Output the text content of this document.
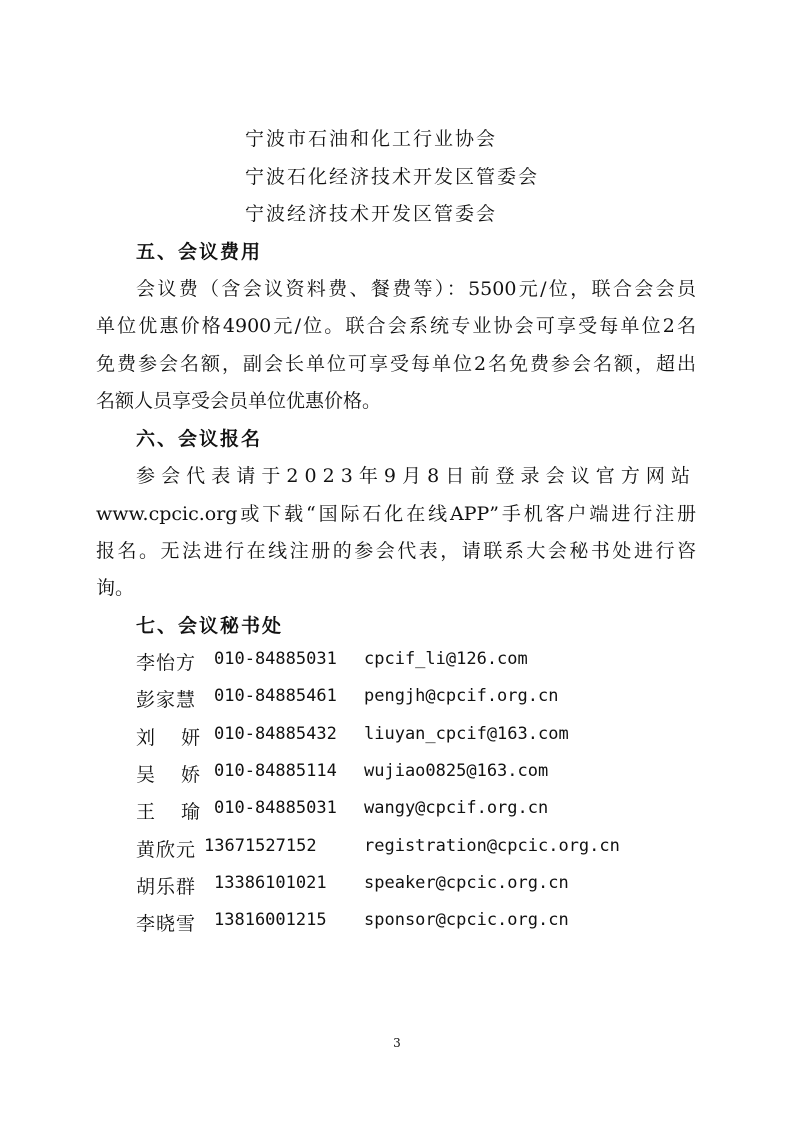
宁波市石油和化工行业协会
宁波石化经济技术开发区管委会
宁波经济技术开发区管委会
五、会议费用
会议费（含会议资料费、餐费等）：5500元/位，联合会会员
单位优惠价格4900元/位。联合会系统专业协会可享受每单位2名
免费参会名额，副会长单位可享受每单位2名免费参会名额，超出
名额人员享受会员单位优惠价格。
六、会议报名
参会代表请于2023年9月8日前登录会议官方网站
www.cpcic.org或下载“国际石化在线APP”手机客户端进行注册
报名。无法进行在线注册的参会代表，请联系大会秘书处进行咨
询。
七、会议秘书处
李怡方 010-84885031 cpcif_li@126.com
彭家慧 010-84885461 pengjh@cpcif.org.cn
刘妍
010-84885432 liuyan_cpcif@163.com
吴娇
010-84885114 wujiao0825@163.com
王瑜
010-84885031 wangy@cpcif.org.cn
黄欣元 13671527152	registration@cpcic.org.cn
胡乐群 13386101021 speaker@cpcic.org.cn
李晓雪 13816001215 sponsor@cpcic.org.cn
3
